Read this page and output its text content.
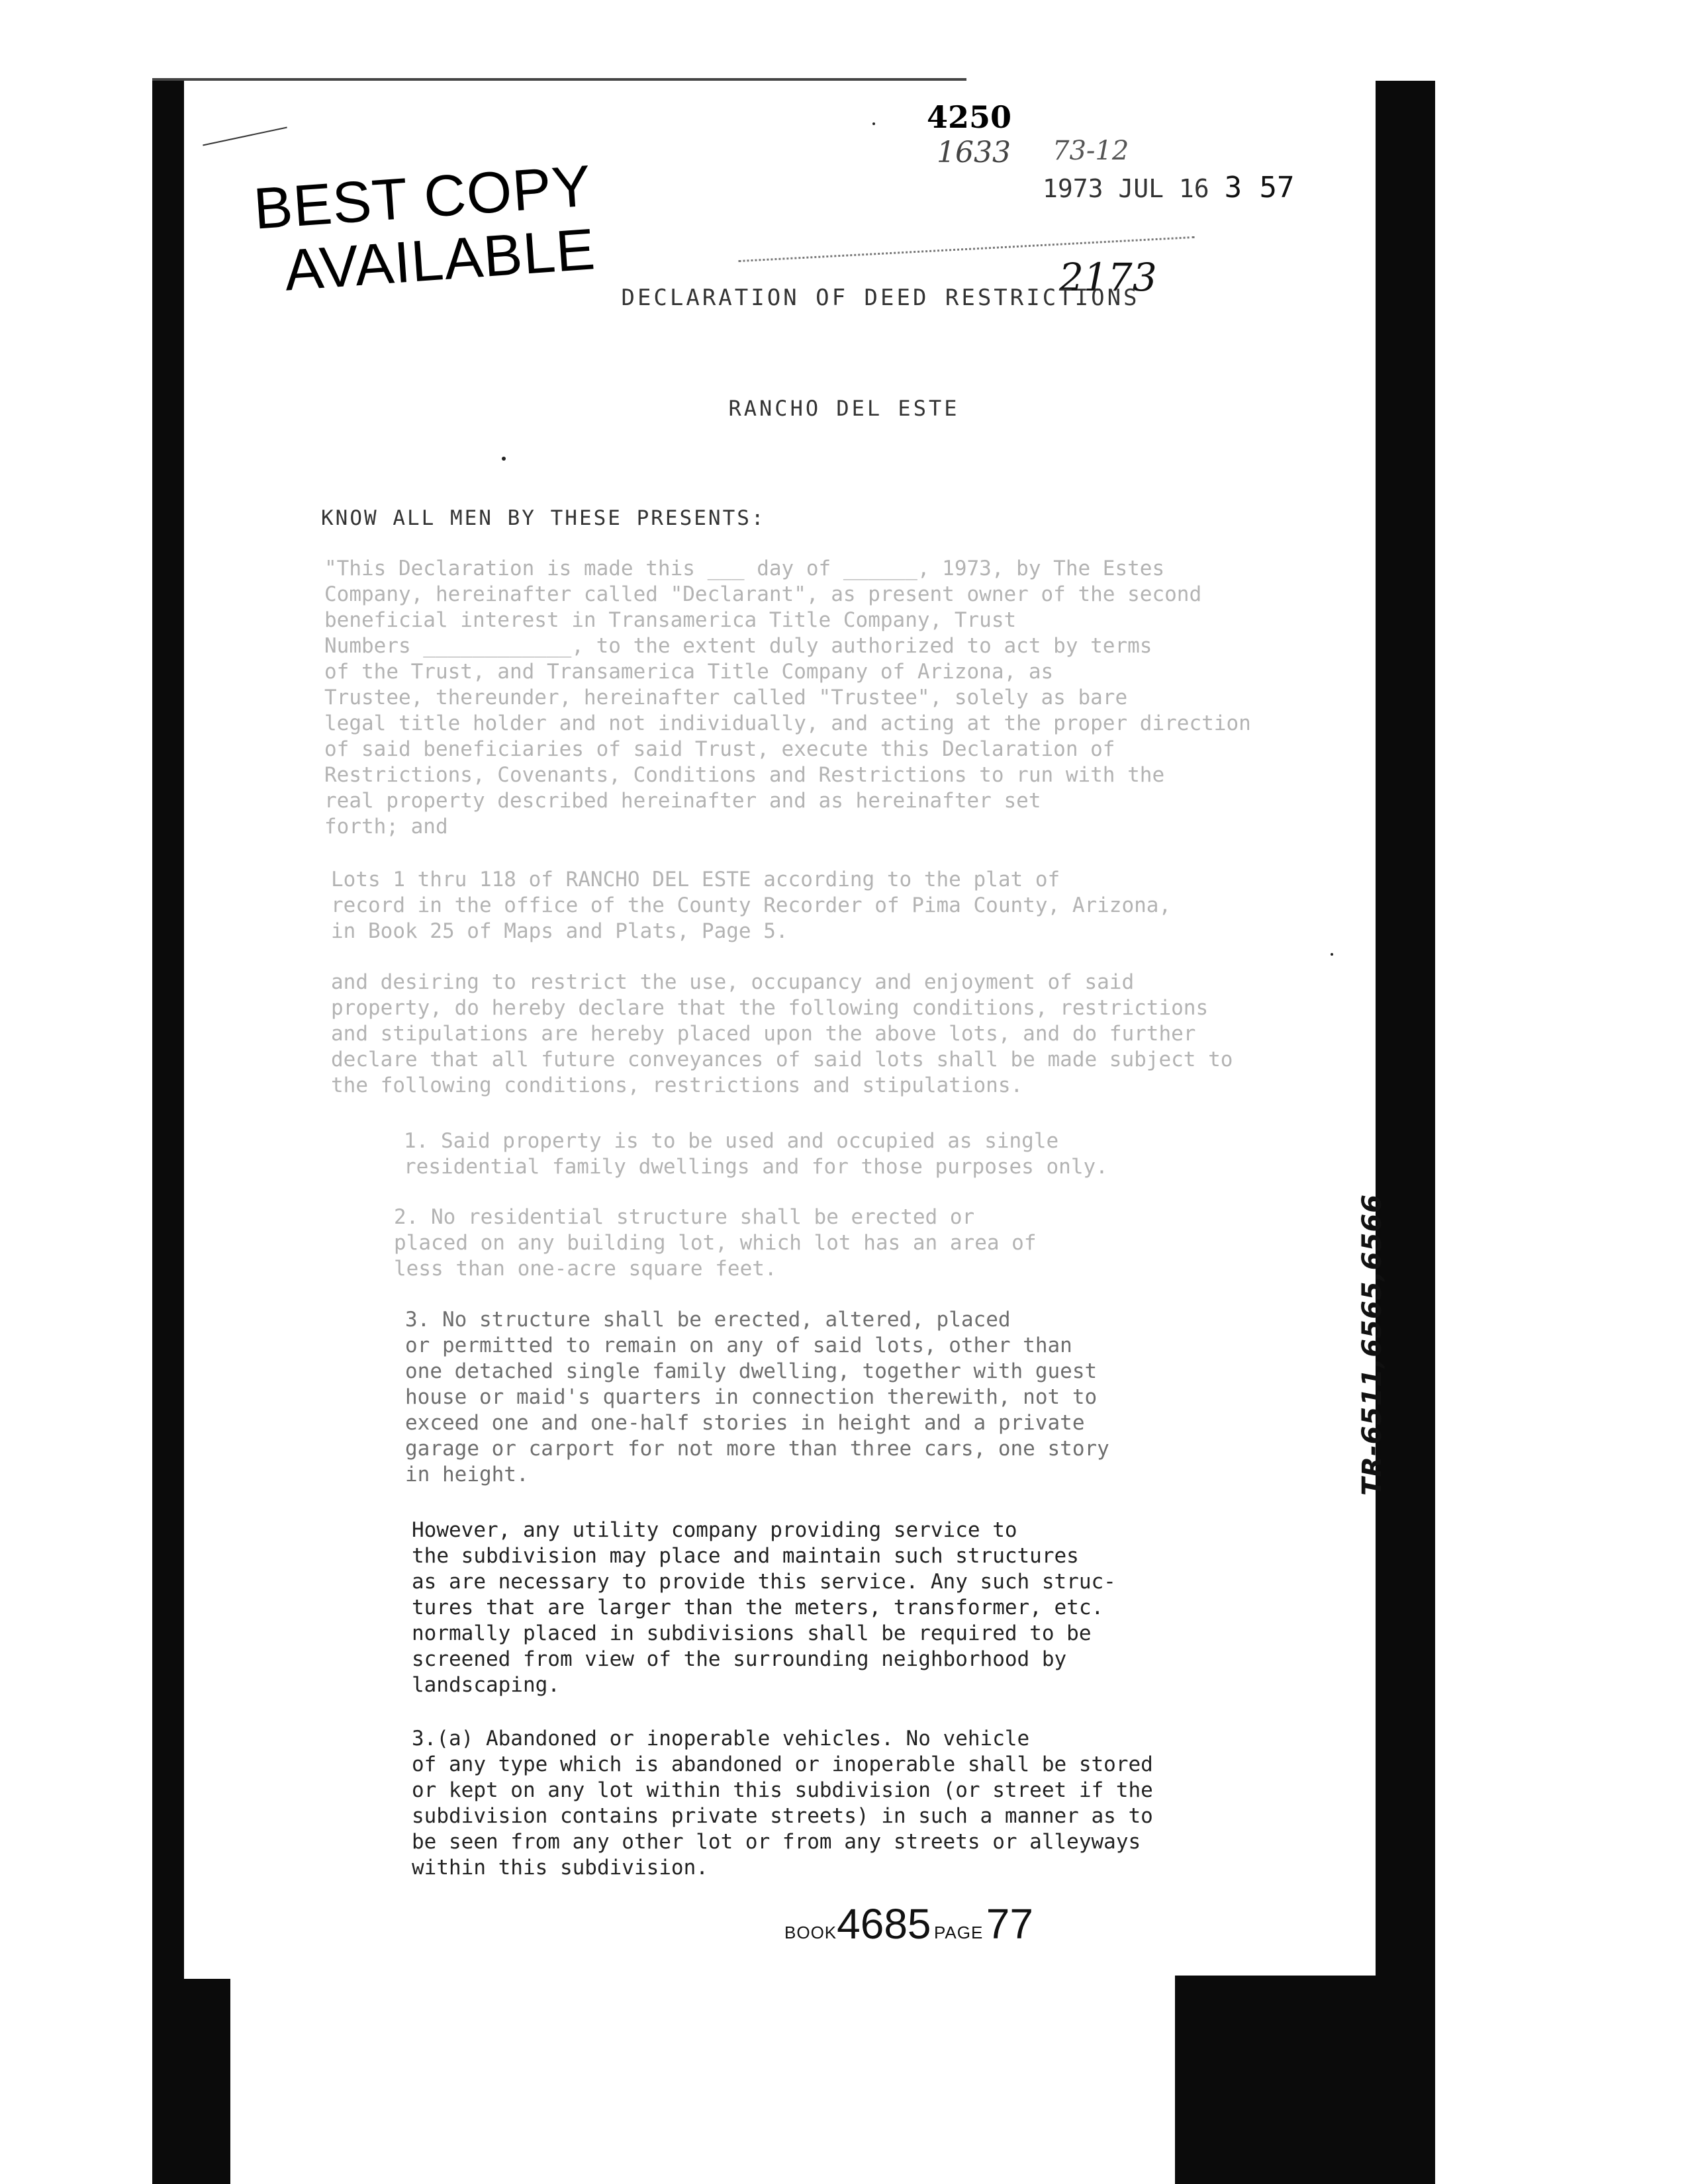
BEST COPY
AVAILABLE
4250
1633 73-12
1973 JUL 16 3 57
2173
DECLARATION OF DEED RESTRICTIONS
RANCHO DEL ESTE
KNOW ALL MEN BY THESE PRESENTS:
"This Declaration is made this ___ day of ______, 1973, by The Estes
Company, hereinafter called "Declarant", as present owner of the second
beneficial interest in Transamerica Title Company, Trust
Numbers ____________, to the extent duly authorized to act by terms
of the Trust, and Transamerica Title Company of Arizona, as
Trustee, thereunder, hereinafter called "Trustee", solely as bare
legal title holder and not individually, and acting at the proper direction
of said beneficiaries of said Trust, execute this Declaration of
Restrictions, Covenants, Conditions and Restrictions to run with the
real property described hereinafter and as hereinafter set
forth; and
Lots 1 thru 118 of RANCHO DEL ESTE according to the plat of
record in the office of the County Recorder of Pima County, Arizona,
in Book 25 of Maps and Plats, Page 5.
and desiring to restrict the use, occupancy and enjoyment of said
property, do hereby declare that the following conditions, restrictions
and stipulations are hereby placed upon the above lots, and do further
declare that all future conveyances of said lots shall be made subject to
the following conditions, restrictions and stipulations.
1. Said property is to be used and occupied as single
residential family dwellings and for those purposes only.
2. No residential structure shall be erected or
placed on any building lot, which lot has an area of
less than one-acre square feet.
3. No structure shall be erected, altered, placed
or permitted to remain on any of said lots, other than
one detached single family dwelling, together with guest
house or maid's quarters in connection therewith, not to
exceed one and one-half stories in height and a private
garage or carport for not more than three cars, one story
in height.
However, any utility company providing service to
the subdivision may place and maintain such structures
as are necessary to provide this service. Any such struc-
tures that are larger than the meters, transformer, etc.
normally placed in subdivisions shall be required to be
screened from view of the surrounding neighborhood by
landscaping.
3.(a) Abandoned or inoperable vehicles. No vehicle
of any type which is abandoned or inoperable shall be stored
or kept on any lot within this subdivision (or street if the
subdivision contains private streets) in such a manner as to
be seen from any other lot or from any streets or alleyways
within this subdivision.
BOOK4685 PAGE 77
TR-6511,6565,6566
